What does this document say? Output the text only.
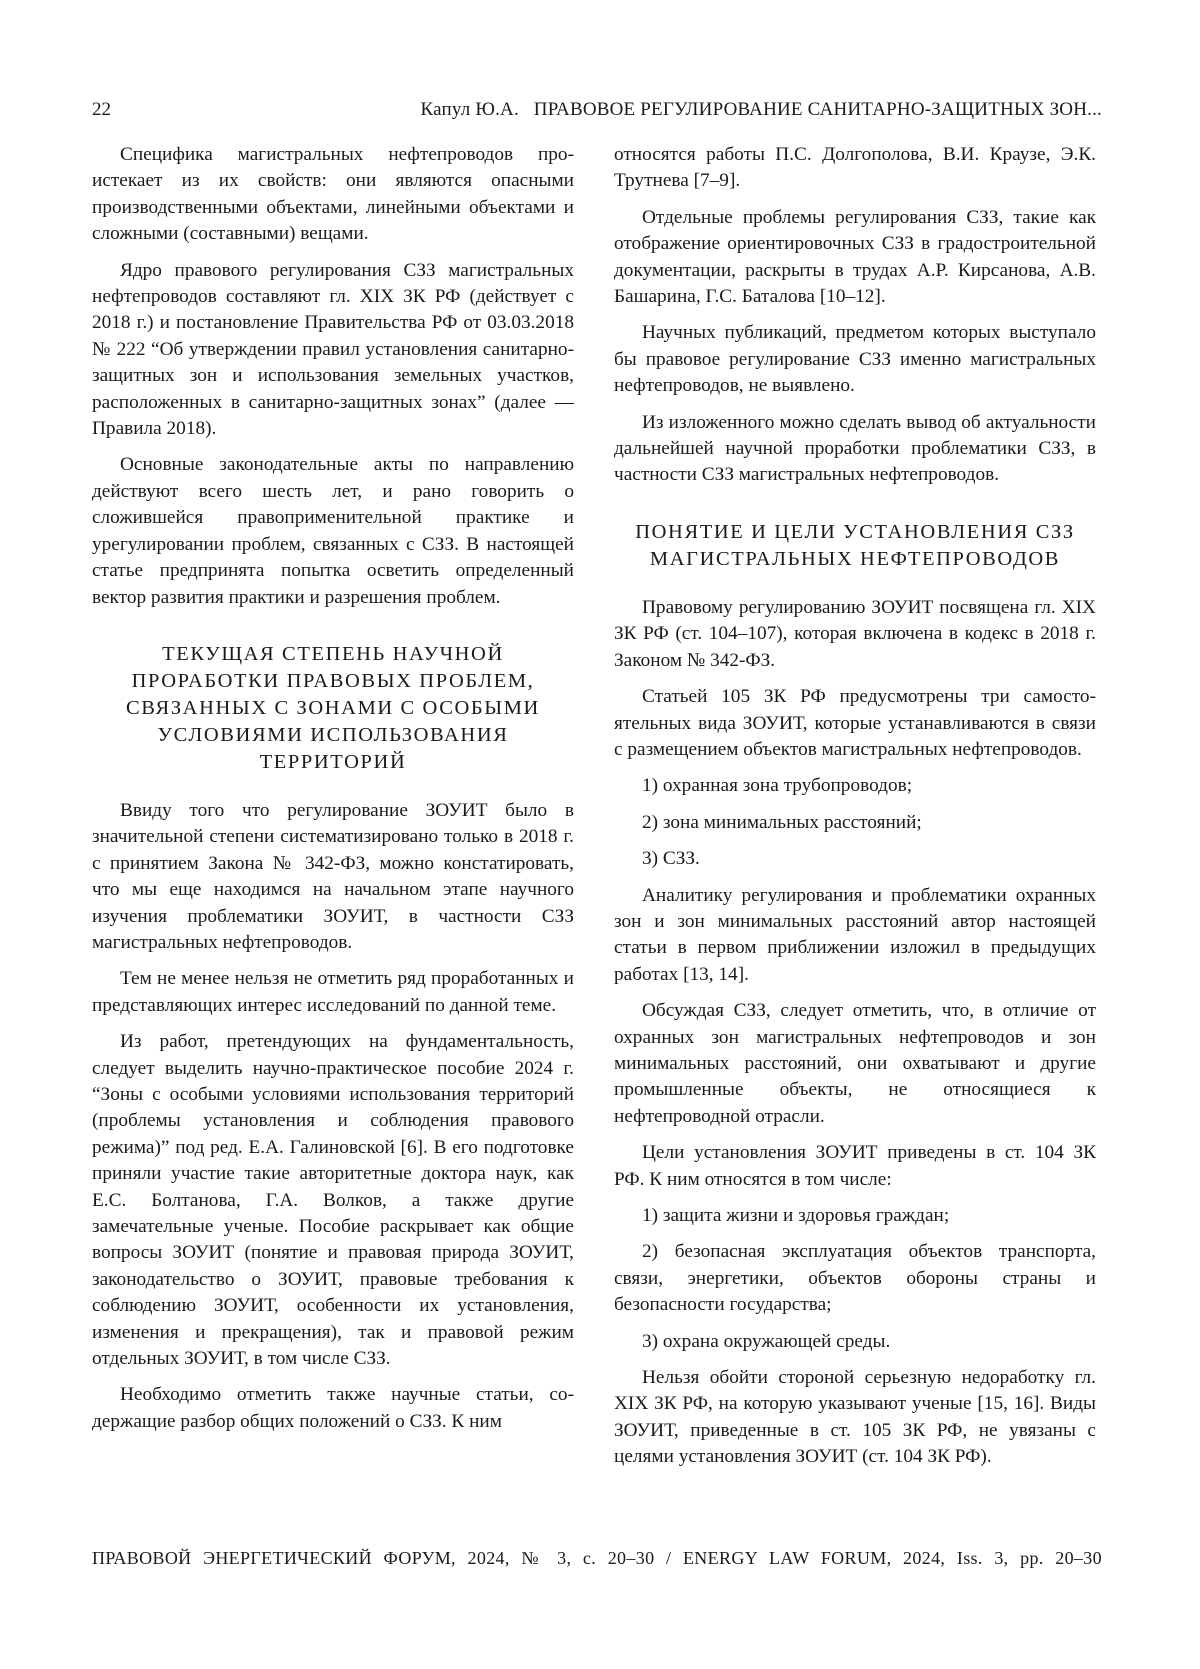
22	Капул Ю.А.   ПРАВОВОЕ РЕГУЛИРОВАНИЕ САНИТАРНО-ЗАЩИТНЫХ ЗОН...

Специфика магистральных нефтепроводов проистекает из их свойств: они являются опасными производственными объектами, линейными объектами и сложными (составными) вещами.

Ядро правового регулирования СЗЗ магистральных нефтепроводов составляют гл. XIX ЗК РФ (действует с 2018 г.) и постановление Правительства РФ от 03.03.2018 № 222 “Об утверждении правил установления санитарно-защитных зон и использования земельных участков, расположенных в санитарно-защитных зонах” (далее — Правила 2018).

Основные законодательные акты по направлению действуют всего шесть лет, и рано говорить о сложившейся правоприменительной практике и урегулировании проблем, связанных с СЗЗ. В настоящей статье предпринята попытка осветить определенный вектор развития практики и разрешения проблем.

ТЕКУЩАЯ СТЕПЕНЬ НАУЧНОЙ ПРОРАБОТКИ ПРАВОВЫХ ПРОБЛЕМ, СВЯЗАННЫХ С ЗОНАМИ С ОСОБЫМИ УСЛОВИЯМИ ИСПОЛЬЗОВАНИЯ ТЕРРИТОРИЙ

Ввиду того что регулирование ЗОУИТ было в значительной степени систематизировано только в 2018 г. с принятием Закона № 342-ФЗ, можно констатировать, что мы еще находимся на начальном этапе научного изучения проблематики ЗОУИТ, в частности СЗЗ магистральных нефтепроводов.

Тем не менее нельзя не отметить ряд проработанных и представляющих интерес исследований по данной теме.

Из работ, претендующих на фундаментальность, следует выделить научно-практическое пособие 2024 г. “Зоны с особыми условиями использования территорий (проблемы установления и соблюдения правового режима)” под ред. Е.А. Галиновской [6]. В его подготовке приняли участие такие авторитетные доктора наук, как Е.С. Болтанова, Г.А. Волков, а также другие замечательные ученые. Пособие раскрывает как общие вопросы ЗОУИТ (понятие и правовая природа ЗОУИТ, законодательство о ЗОУИТ, правовые требования к соблюдению ЗОУИТ, особенности их установления, изменения и прекращения), так и правовой режим отдельных ЗОУИТ, в том числе СЗЗ.

Необходимо отметить также научные статьи, содержащие разбор общих положений о СЗЗ. К ним

относятся работы П.С. Долгополова, В.И. Краузе, Э.К. Трутнева [7–9].

Отдельные проблемы регулирования СЗЗ, такие как отображение ориентировочных СЗЗ в градостроительной документации, раскрыты в трудах А.Р. Кирсанова, А.В. Башарина, Г.С. Баталова [10–12].

Научных публикаций, предметом которых выступало бы правовое регулирование СЗЗ именно магистральных нефтепроводов, не выявлено.

Из изложенного можно сделать вывод об актуальности дальнейшей научной проработки проблематики СЗЗ, в частности СЗЗ магистральных нефтепроводов.

ПОНЯТИЕ И ЦЕЛИ УСТАНОВЛЕНИЯ СЗЗ МАГИСТРАЛЬНЫХ НЕФТЕПРОВОДОВ

Правовому регулированию ЗОУИТ посвящена гл. XIX ЗК РФ (ст. 104–107), которая включена в кодекс в 2018 г. Законом № 342-ФЗ.

Статьей 105 ЗК РФ предусмотрены три самостоятельных вида ЗОУИТ, которые устанавливаются в связи с размещением объектов магистральных нефтепроводов.

1) охранная зона трубопроводов;

2) зона минимальных расстояний;

3) СЗЗ.

Аналитику регулирования и проблематики охранных зон и зон минимальных расстояний автор настоящей статьи в первом приближении изложил в предыдущих работах [13, 14].

Обсуждая СЗЗ, следует отметить, что, в отличие от охранных зон магистральных нефтепроводов и зон минимальных расстояний, они охватывают и другие промышленные объекты, не относящиеся к нефтепроводной отрасли.

Цели установления ЗОУИТ приведены в ст. 104 ЗК РФ. К ним относятся в том числе:

1) защита жизни и здоровья граждан;

2) безопасная эксплуатация объектов транспорта, связи, энергетики, объектов обороны страны и безопасности государства;

3) охрана окружающей среды.

Нельзя обойти стороной серьезную недоработку гл. XIX ЗК РФ, на которую указывают ученые [15, 16]. Виды ЗОУИТ, приведенные в ст. 105 ЗК РФ, не увязаны с целями установления ЗОУИТ (ст. 104 ЗК РФ).

ПРАВОВОЙ ЭНЕРГЕТИЧЕСКИЙ ФОРУМ, 2024, № 3, с. 20–30 / ENERGY LAW FORUM, 2024, Iss. 3, pp. 20–30
